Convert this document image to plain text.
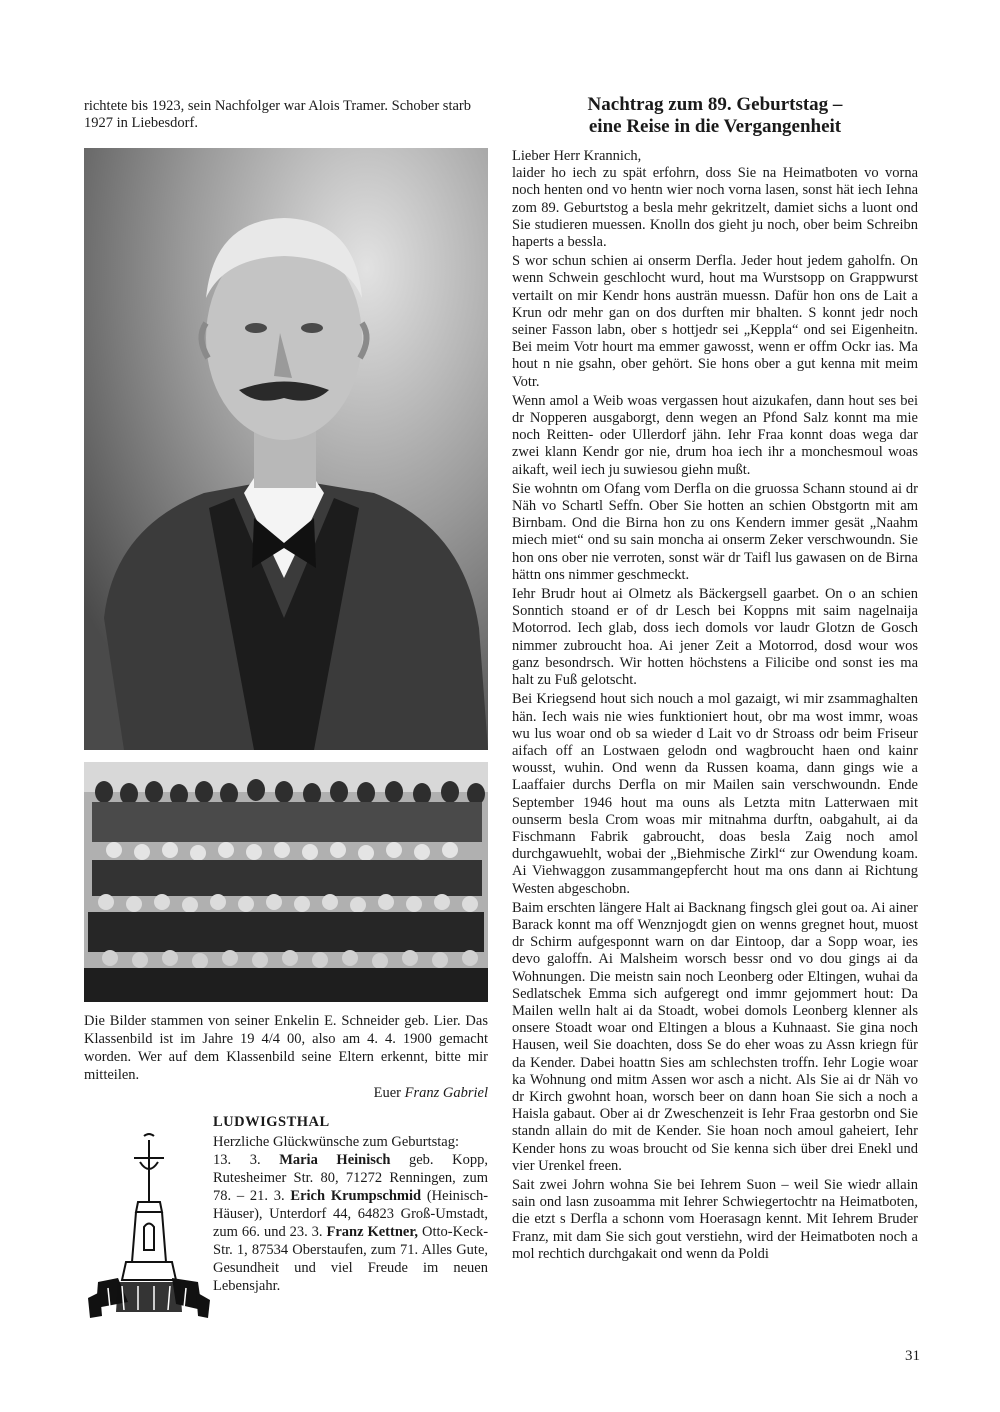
richtete bis 1923, sein Nachfolger war Alois Tramer. Schober starb 1927 in Liebesdorf.

Die Bilder stammen von seiner Enkelin E. Schneider geb. Lier. Das Klassenbild ist im Jahre 19 4/4 00, also am 4. 4. 1900 gemacht worden. Wer auf dem Klassenbild seine Eltern erkennt, bitte mir mitteilen.
Euer Franz Gabriel

LUDWIGSTHAL

Herzliche Glückwünsche zum Geburtstag:
13. 3. Maria Heinisch geb. Kopp, Rutesheimer Str. 80, 71272 Renningen, zum 78. – 21. 3. Erich Krumpschmid (Heinisch-Häuser), Unterdorf 44, 64823 Groß-Umstadt, zum 66. und 23. 3. Franz Kettner, Otto-Keck-Str. 1, 87534 Oberstaufen, zum 71. Alles Gute, Gesundheit und viel Freude im neuen Lebensjahr.

Nachtrag zum 89. Geburtstag –
eine Reise in die Vergangenheit

Lieber Herr Krannich,

laider ho iech zu spät erfohrn, doss Sie na Heimatboten vo vorna noch henten ond vo hentn wier noch vorna lasen, sonst hät iech Iehna zom 89. Geburtstog a besla mehr gekritzelt, damiet sichs a luont ond Sie studieren muessen. Knolln dos gieht ju noch, ober beim Schreibn haperts a bessla.

S wor schun schien ai onserm Derfla. Jeder hout jedem gaholfn. On wenn Schwein geschlocht wurd, hout ma Wurstsopp on Grappwurst vertailt on mir Kendr hons austrän muessn. Dafür hon ons de Lait a Krun odr mehr gan on dos durften mir bhalten. S konnt jedr noch seiner Fasson labn, ober s hottjedr sei „Keppla“ ond sei Eigenheitn. Bei meim Votr hourt ma emmer gawosst, wenn er offm Ockr ias. Ma hout n nie gsahn, ober gehört. Sie hons ober a gut kenna mit meim Votr.

Wenn amol a Weib woas vergassen hout aizukafen, dann hout ses bei dr Nopperen ausgaborgt, denn wegen an Pfond Salz konnt ma mie noch Reitten- oder Ullerdorf jähn. Iehr Fraa konnt doas wega dar zwei klann Kendr gor nie, drum hoa iech ihr a monchesmoul woas aikaft, weil iech ju suwiesou giehn mußt.

Sie wohntn om Ofang vom Derfla on die gruossa Schann stound ai dr Näh vo Schartl Seffn. Ober Sie hotten an schien Obstgortn mit am Birnbam. Ond die Birna hon zu ons Kendern immer gesät „Naahm miech miet“ ond su sain moncha ai onserm Zeker verschwoundn. Sie hon ons ober nie verroten, sonst wär dr Taifl lus gawasen on de Birna hättn ons nimmer geschmeckt.

Iehr Brudr hout ai Olmetz als Bäckergsell gaarbet. On o an schien Sonntich stoand er of dr Lesch bei Koppns mit saim nagelnaija Motorrod. Iech glab, doss iech domols vor laudr Glotzn de Gosch nimmer zubroucht hoa. Ai jener Zeit a Motorrod, dosd wour wos ganz besondrsch. Wir hotten höchstens a Filicibe ond sonst ies ma halt zu Fuß gelotscht.

Bei Kriegsend hout sich nouch a mol gazaigt, wi mir zsammaghalten hän. Iech wais nie wies funktioniert hout, obr ma wost immr, woas wu lus woar ond ob sa wieder d Lait vo dr Stroass odr beim Friseur aifach off an Lostwaen gelodn ond wagbroucht haen ond kainr wousst, wuhin. Ond wenn da Russen koama, dann gings wie a Laaffaier durchs Derfla on mir Mailen sain verschwoundn. Ende September 1946 hout ma ouns als Letzta mitn Latterwaen mit ounserm besla Crom woas mir mitnahma durftn, oabgahult, ai da Fischmann Fabrik gabroucht, doas besla Zaig noch amol durchgawuehlt, wobai der „Biehmische Zirkl“ zur Owendung koam. Ai Viehwaggon zusammangepfercht hout ma ons dann ai Richtung Westen abgeschobn.

Baim erschten längere Halt ai Backnang fingsch glei gout oa. Ai ainer Barack konnt ma off Wenznjogdt gien on wenns gregnet hout, muost dr Schirm aufgesponnt warn on dar Eintoop, dar a Sopp woar, ies devo galoffn. Ai Malsheim worsch bessr ond vo dou gings ai da Wohnungen. Die meistn sain noch Leonberg oder Eltingen, wuhai da Sedlatschek Emma sich aufgeregt ond immr gejommert hout: Da Mailen welln halt ai da Stoadt, wobei domols Leonberg klenner als onsere Stoadt woar ond Eltingen a blous a Kuhnaast. Sie gina noch Hausen, weil Sie doachten, doss Se do eher woas zu Assn kriegn für da Kender. Dabei hoattn Sies am schlechsten troffn. Iehr Logie woar ka Wohnung ond mitm Assen wor asch a nicht. Als Sie ai dr Näh vo dr Kirch gwohnt hoan, worsch beer on dann hoan Sie sich a noch a Haisla gabaut. Ober ai dr Zweschenzeit is Iehr Fraa gestorbn ond Sie standn allain do mit de Kender. Sie hoan noch amoul gaheiert, Iehr Kender hons zu woas broucht od Sie kenna sich über drei Enekl und vier Urenkel freen.

Sait zwei Johrn wohna Sie bei Iehrem Suon – weil Sie wiedr allain sain ond lasn zusoamma mit Iehrer Schwiegertochtr na Heimatboten, die etzt s Derfla a schonn vom Hoerasagn kennt. Mit Iehrem Bruder Franz, mit dam Sie sich gout verstiehn, wird der Heimatboten noch a mol rechtich durchgakait ond wenn da Poldi

31
